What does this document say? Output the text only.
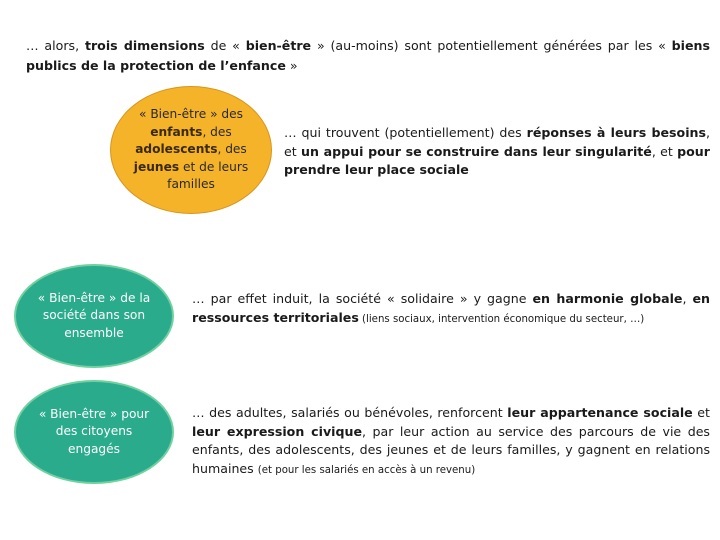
… alors, trois dimensions de « bien-être » (au-moins) sont potentiellement générées par les « biens publics de la protection de l’enfance »
« Bien-être » des enfants, des adolescents, des jeunes et de leurs familles
… qui trouvent (potentiellement) des réponses à leurs besoins, et un appui pour se construire dans leur singularité, et pour prendre leur place sociale
« Bien-être » de la société dans son ensemble
… par effet induit, la société « solidaire » y gagne en harmonie globale, en ressources territoriales (liens sociaux, intervention économique du secteur, …)
« Bien-être » pour des citoyens engagés
… des adultes, salariés ou bénévoles, renforcent leur appartenance sociale et leur expression civique, par leur action au service des parcours de vie des enfants, des adolescents, des jeunes et de leurs familles, y gagnent en relations humaines (et pour les salariés en accès à un revenu)
